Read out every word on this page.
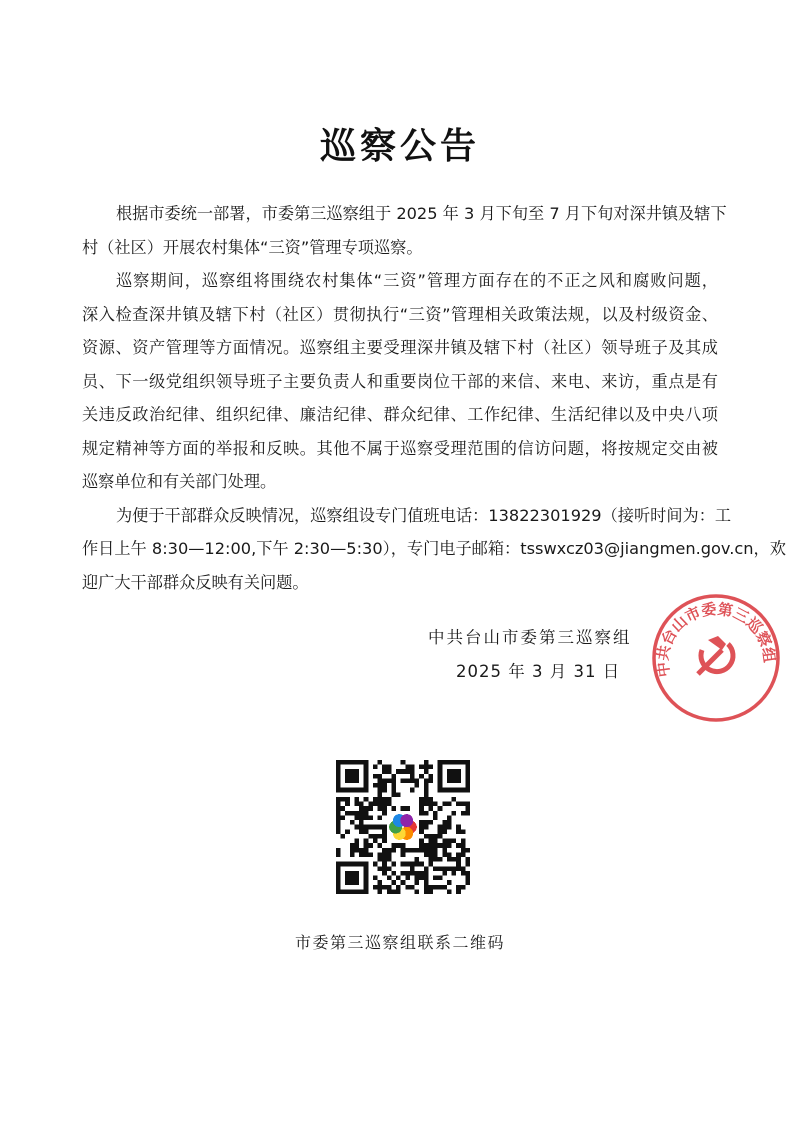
巡察公告
根据市委统一部署，市委第三巡察组于 2025 年 3 月下旬至 7 月下旬对深井镇及辖下
村（社区）开展农村集体“三资”管理专项巡察。
巡察期间，巡察组将围绕农村集体“三资”管理方面存在的不正之风和腐败问题，
深入检查深井镇及辖下村（社区）贯彻执行“三资”管理相关政策法规，以及村级资金、
资源、资产管理等方面情况。巡察组主要受理深井镇及辖下村（社区）领导班子及其成
员、下一级党组织领导班子主要负责人和重要岗位干部的来信、来电、来访，重点是有
关违反政治纪律、组织纪律、廉洁纪律、群众纪律、工作纪律、生活纪律以及中央八项
规定精神等方面的举报和反映。其他不属于巡察受理范围的信访问题，将按规定交由被
巡察单位和有关部门处理。
为便于干部群众反映情况，巡察组设专门值班电话：13822301929（接听时间为：工
作日上午 8:30—12:00,下午 2:30—5:30），专门电子邮箱：tsswxcz03@jiangmen.gov.cn，欢
迎广大干部群众反映有关问题。
中共台山市委第三巡察组
2025 年 3 月 31 日 中共台山市委第三巡察组
市委第三巡察组联系二维码
